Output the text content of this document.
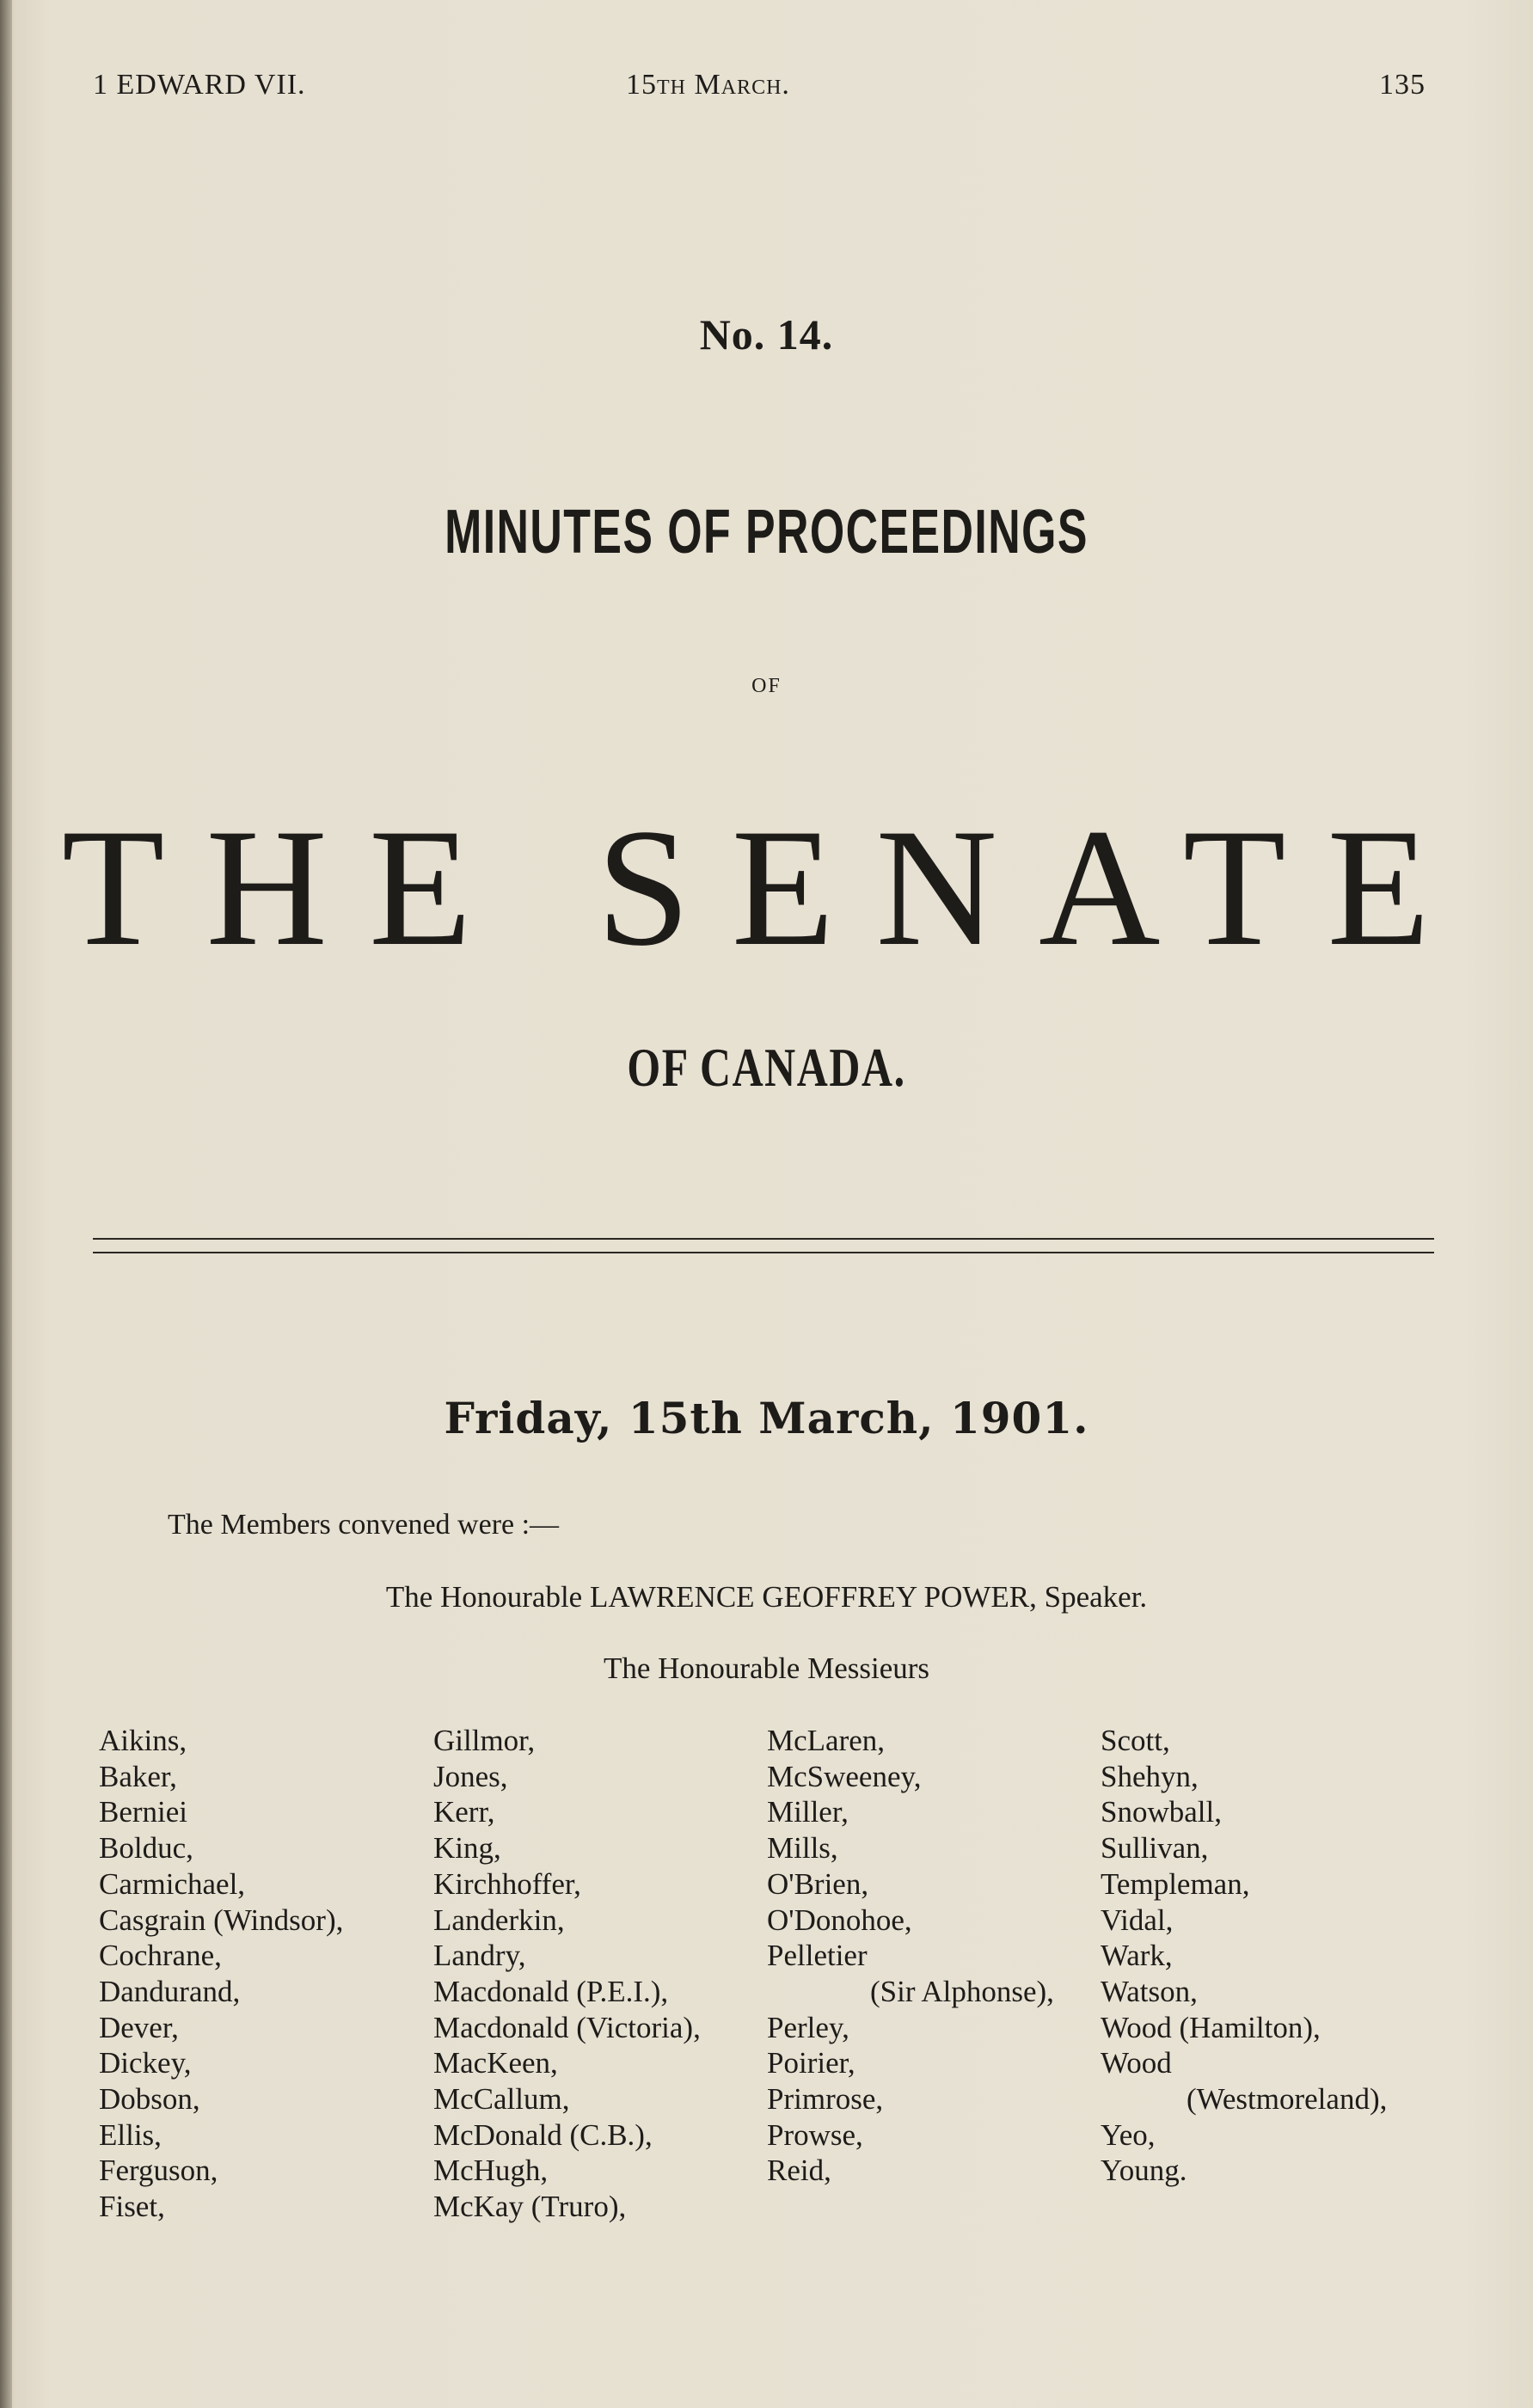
1 EDWARD VII.	15th March.	135
No. 14.
MINUTES OF PROCEEDINGS
OF
THE SENATE
OF CANADA.
Friday, 15th March, 1901.
The Members convened were :—
The Honourable LAWRENCE GEOFFREY POWER, Speaker.
The Honourable Messieurs
Aikins,
Baker,
Berniei
Bolduc,
Carmichael,
Casgrain (Windsor),
Cochrane,
Dandurand,
Dever,
Dickey,
Dobson,
Ellis,
Ferguson,
Fiset,
Gillmor,
Jones,
Kerr,
King,
Kirchhoffer,
Landerkin,
Landry,
Macdonald (P.E.I.),
Macdonald (Victoria),
MacKeen,
McCallum,
McDonald (C.B.),
McHugh,
McKay (Truro),
McLaren,
McSweeney,
Miller,
Mills,
O'Brien,
O'Donohoe,
Pelletier
(Sir Alphonse),
Perley,
Poirier,
Primrose,
Prowse,
Reid,
Scott,
Shehyn,
Snowball,
Sullivan,
Templeman,
Vidal,
Wark,
Watson,
Wood (Hamilton),
Wood
(Westmoreland),
Yeo,
Young.
